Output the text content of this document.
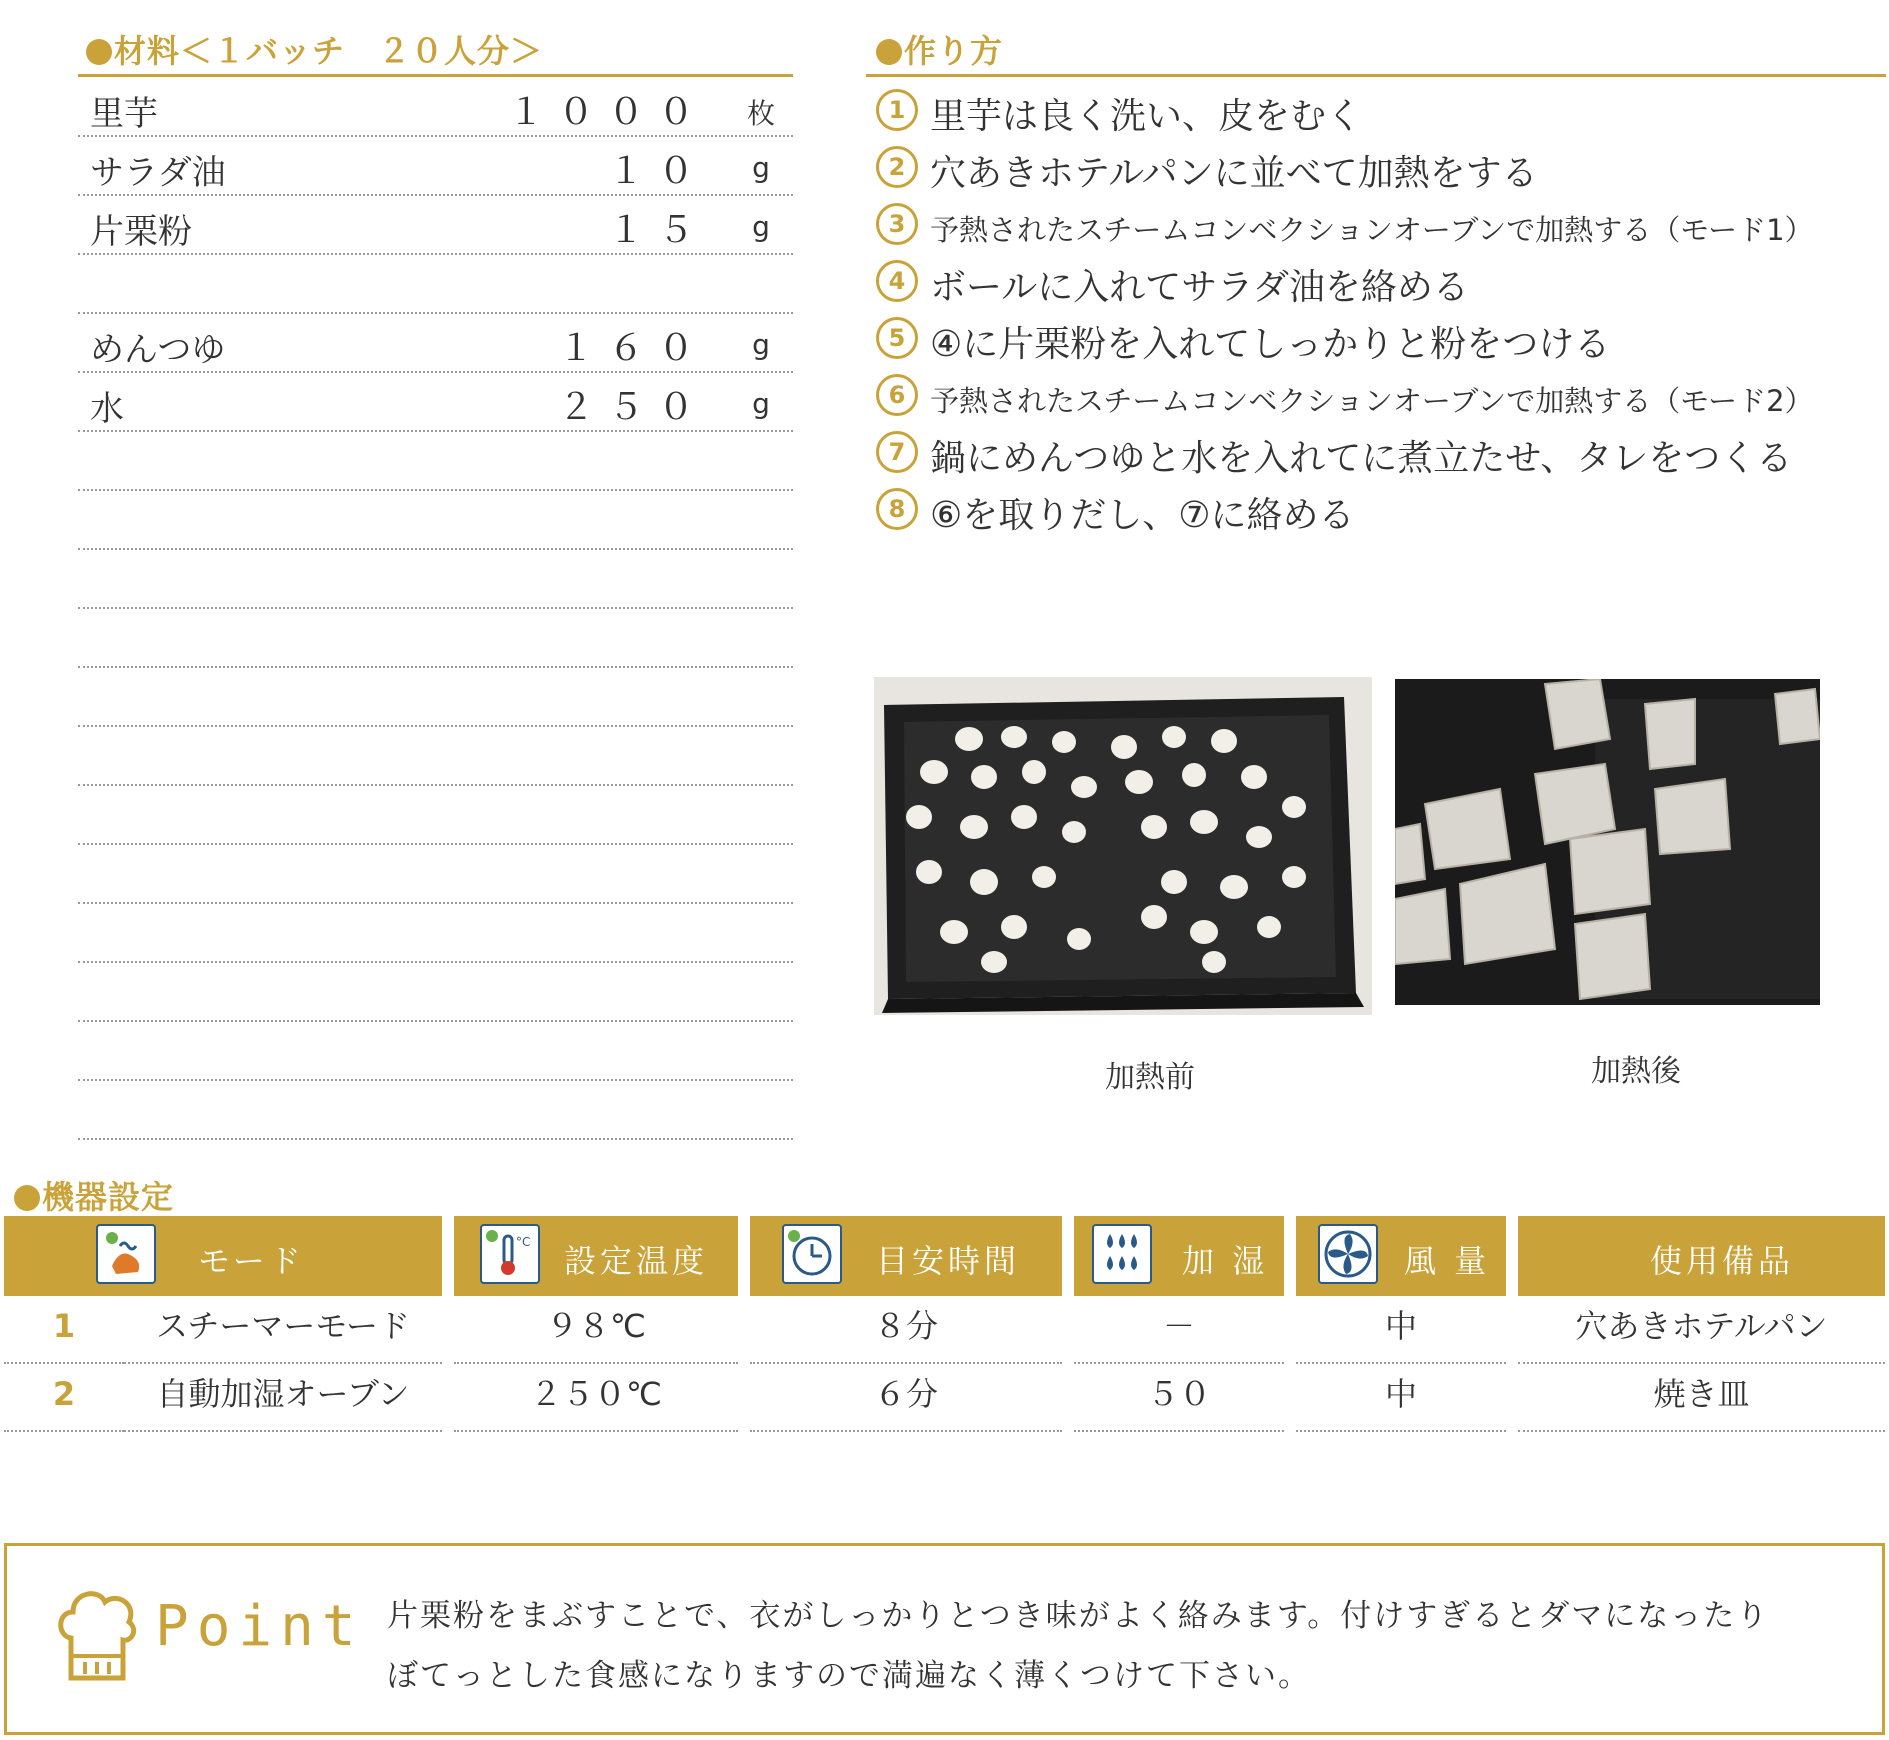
材料＜１バッチ　２０人分＞
里芋	１０００ 枚
サラダ油	１０	g
片栗粉	１５	g
めんつゆ	１６０	g
水	２５０	g
作り方
1 里芋は良く洗い、皮をむく
2 穴あきホテルパンに並べて加熱をする
3 予熱されたスチームコンベクションオーブンで加熱する（モード1）
4 ボールに入れてサラダ油を絡める
5 ④に片栗粉を入れてしっかりと粉をつける
6 予熱されたスチームコンベクションオーブンで加熱する（モード2）
7 鍋にめんつゆと水を入れてに煮立たせ、タレをつくる
8 ⑥を取りだし、⑦に絡める
加熱前	加熱後
機器設定
モード	°C 設定温度	目安時間	加 湿	風 量	使用備品
1	スチーマーモード	９８℃	８分	－	中	穴あきホテルパン
2	自動加湿オーブン	２５０℃	６分	５０	中	焼き皿
Point 片栗粉をまぶすことで、衣がしっかりとつき味がよく絡みます。付けすぎるとダマになったり
ぼてっとした食感になりますので満遍なく薄くつけて下さい。
